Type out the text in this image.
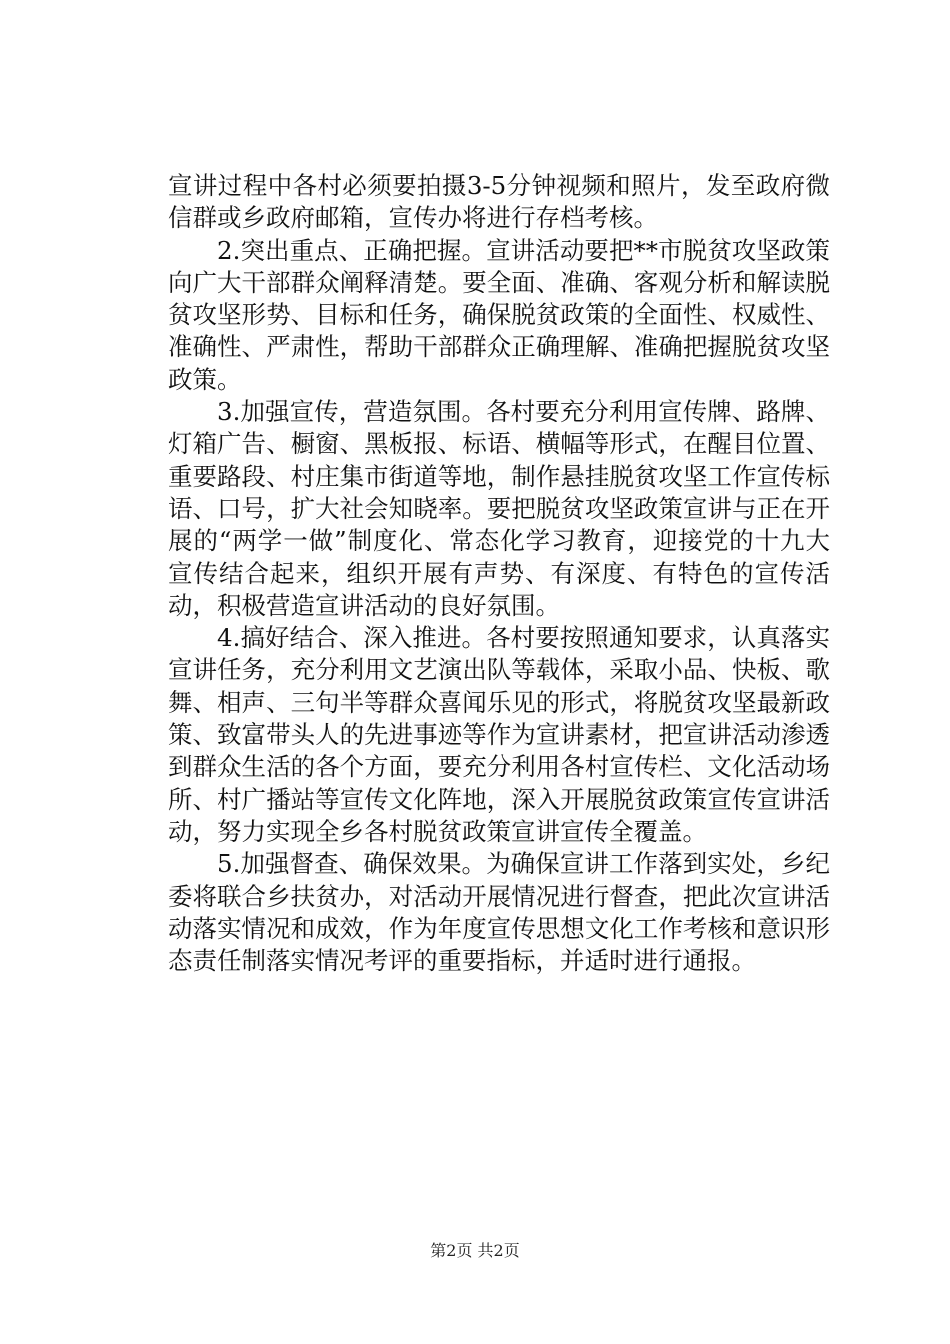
宣讲过程中各村必须要拍摄3-5分钟视频和照片，发至政府微信群或乡政府邮箱，宣传办将进行存档考核。

2.突出重点、正确把握。宣讲活动要把**市脱贫攻坚政策向广大干部群众阐释清楚。要全面、准确、客观分析和解读脱贫攻坚形势、目标和任务，确保脱贫政策的全面性、权威性、准确性、严肃性，帮助干部群众正确理解、准确把握脱贫攻坚政策。

3.加强宣传，营造氛围。各村要充分利用宣传牌、路牌、灯箱广告、橱窗、黑板报、标语、横幅等形式，在醒目位置、重要路段、村庄集市街道等地，制作悬挂脱贫攻坚工作宣传标语、口号，扩大社会知晓率。要把脱贫攻坚政策宣讲与正在开展的“两学一做”制度化、常态化学习教育，迎接党的十九大宣传结合起来，组织开展有声势、有深度、有特色的宣传活动，积极营造宣讲活动的良好氛围。

4.搞好结合、深入推进。各村要按照通知要求，认真落实宣讲任务，充分利用文艺演出队等载体，采取小品、快板、歌舞、相声、三句半等群众喜闻乐见的形式，将脱贫攻坚最新政策、致富带头人的先进事迹等作为宣讲素材，把宣讲活动渗透到群众生活的各个方面，要充分利用各村宣传栏、文化活动场所、村广播站等宣传文化阵地，深入开展脱贫政策宣传宣讲活动，努力实现全乡各村脱贫政策宣讲宣传全覆盖。

5.加强督查、确保效果。为确保宣讲工作落到实处，乡纪委将联合乡扶贫办，对活动开展情况进行督查，把此次宣讲活动落实情况和成效，作为年度宣传思想文化工作考核和意识形态责任制落实情况考评的重要指标，并适时进行通报。

第2页 共2页
